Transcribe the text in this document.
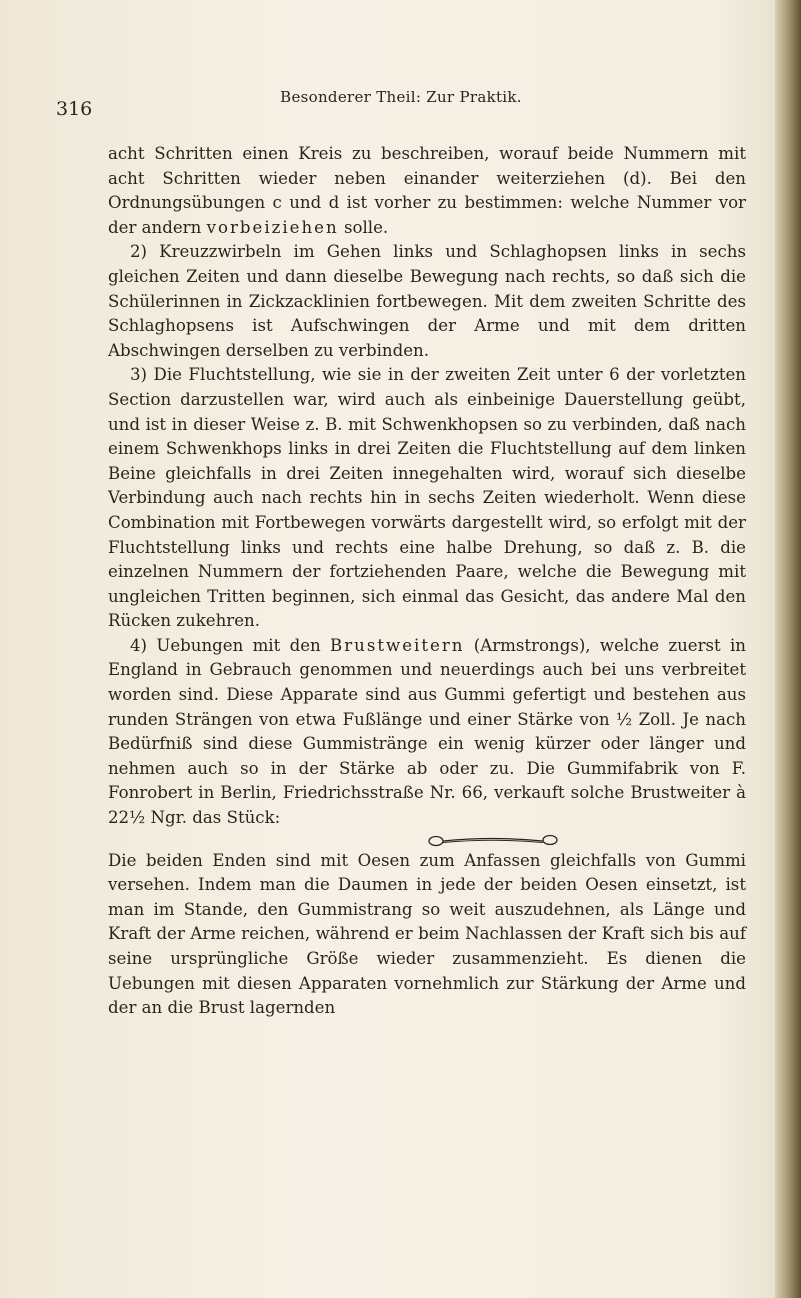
316
Besonderer Theil: Zur Praktik.

acht Schritten einen Kreis zu beschreiben, worauf beide Nummern mit acht Schritten wieder neben einander weiterziehen (d). Bei den Ordnungsübungen c und d ist vorher zu bestimmen: welche Nummer vor der andern vorbeiziehen solle.

2) Kreuzzwirbeln im Gehen links und Schlaghopsen links in sechs gleichen Zeiten und dann dieselbe Bewegung nach rechts, so daß sich die Schülerinnen in Zickzacklinien fortbewegen. Mit dem zweiten Schritte des Schlaghopsens ist Aufschwingen der Arme und mit dem dritten Abschwingen derselben zu verbinden.

3) Die Fluchtstellung, wie sie in der zweiten Zeit unter 6 der vorletzten Section darzustellen war, wird auch als einbeinige Dauerstellung geübt, und ist in dieser Weise z. B. mit Schwenkhopsen so zu verbinden, daß nach einem Schwenkhops links in drei Zeiten die Fluchtstellung auf dem linken Beine gleichfalls in drei Zeiten innegehalten wird, worauf sich dieselbe Verbindung auch nach rechts hin in sechs Zeiten wiederholt. Wenn diese Combination mit Fortbewegen vorwärts dargestellt wird, so erfolgt mit der Fluchtstellung links und rechts eine halbe Drehung, so daß z. B. die einzelnen Nummern der fortziehenden Paare, welche die Bewegung mit ungleichen Tritten beginnen, sich einmal das Gesicht, das andere Mal den Rücken zukehren.

4) Uebungen mit den Brustweitern (Armstrongs), welche zuerst in England in Gebrauch genommen und neuerdings auch bei uns verbreitet worden sind. Diese Apparate sind aus Gummi gefertigt und bestehen aus runden Strängen von etwa Fußlänge und einer Stärke von ½ Zoll. Je nach Bedürfniß sind diese Gummistränge ein wenig kürzer oder länger und nehmen auch so in der Stärke ab oder zu. Die Gummifabrik von F. Fonrobert in Berlin, Friedrichsstraße Nr. 66, verkauft solche Brustweiter à 22½ Ngr. das Stück:
Die beiden Enden sind mit Oesen zum Anfassen gleichfalls von Gummi versehen. Indem man die Daumen in jede der beiden Oesen einsetzt, ist man im Stande, den Gummistrang so weit auszudehnen, als Länge und Kraft der Arme reichen, während er beim Nachlassen der Kraft sich bis auf seine ursprüngliche Größe wieder zusammenzieht. Es dienen die Uebungen mit diesen Apparaten vornehmlich zur Stärkung der Arme und der an die Brust lagernden
